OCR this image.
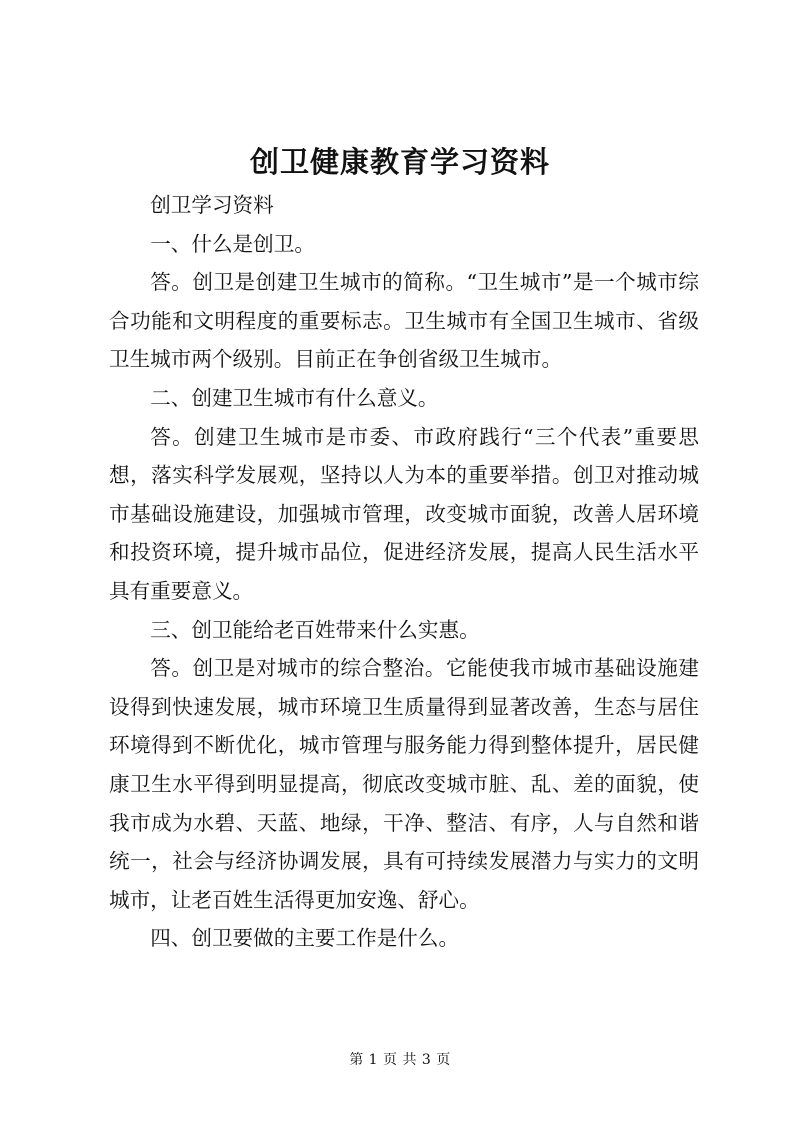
创卫健康教育学习资料

创卫学习资料

一、什么是创卫。

答。创卫是创建卫生城市的简称。“卫生城市”是一个城市综合功能和文明程度的重要标志。卫生城市有全国卫生城市、省级卫生城市两个级别。目前正在争创省级卫生城市。

二、创建卫生城市有什么意义。

答。创建卫生城市是市委、市政府践行“三个代表”重要思想，落实科学发展观，坚持以人为本的重要举措。创卫对推动城市基础设施建设，加强城市管理，改变城市面貌，改善人居环境和投资环境，提升城市品位，促进经济发展，提高人民生活水平具有重要意义。

三、创卫能给老百姓带来什么实惠。

答。创卫是对城市的综合整治。它能使我市城市基础设施建设得到快速发展，城市环境卫生质量得到显著改善，生态与居住环境得到不断优化，城市管理与服务能力得到整体提升，居民健康卫生水平得到明显提高，彻底改变城市脏、乱、差的面貌，使我市成为水碧、天蓝、地绿，干净、整洁、有序，人与自然和谐统一，社会与经济协调发展，具有可持续发展潜力与实力的文明城市，让老百姓生活得更加安逸、舒心。

四、创卫要做的主要工作是什么。

第 1 页 共 3 页
